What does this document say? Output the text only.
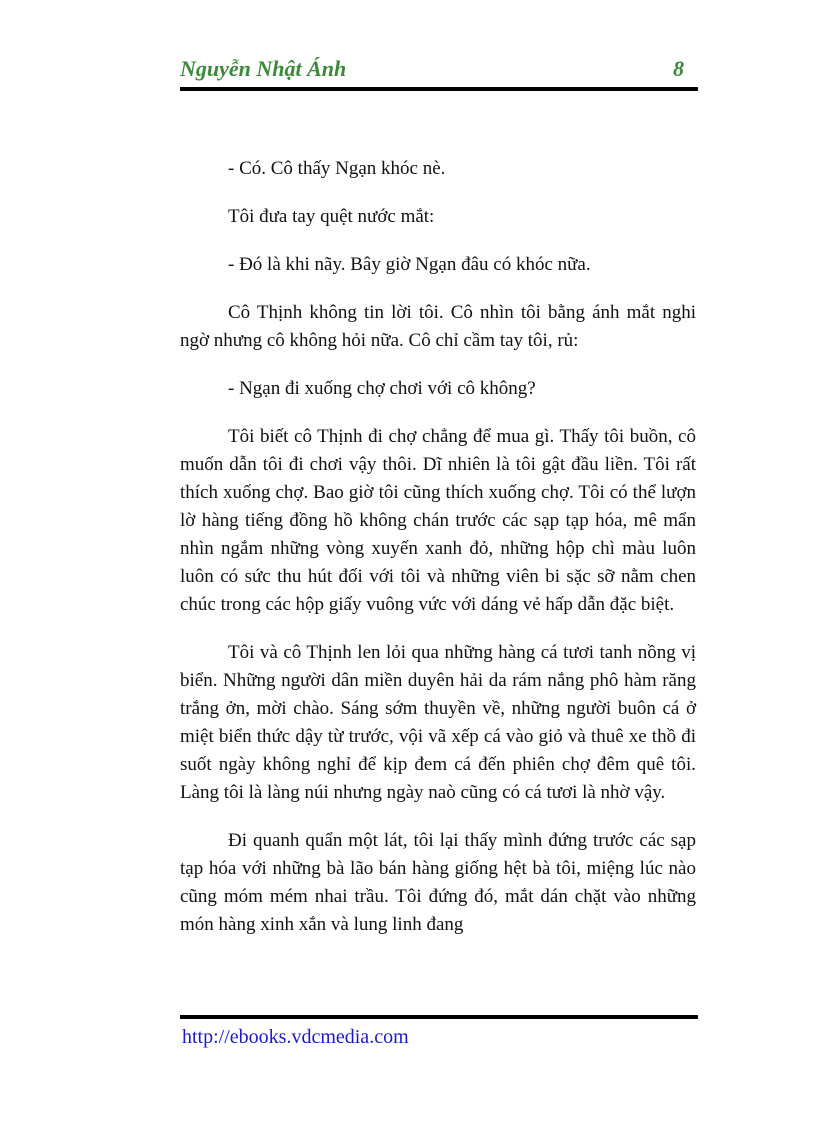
Nguyễn Nhật Ánh	8

- Có. Cô thấy Ngạn khóc nè.

Tôi đưa tay quệt nước mắt:

- Đó là khi nãy. Bây giờ Ngạn đâu có khóc nữa.

Cô Thịnh không tin lời tôi. Cô nhìn tôi bằng ánh mắt nghi ngờ nhưng cô không hỏi nữa. Cô chỉ cầm tay tôi, rủ:

- Ngạn đi xuống chợ chơi với cô không?

Tôi biết cô Thịnh đi chợ chẳng để mua gì. Thấy tôi buồn, cô muốn dẫn tôi đi chơi vậy thôi. Dĩ nhiên là tôi gật đầu liền. Tôi rất thích xuống chợ. Bao giờ tôi cũng thích xuống chợ. Tôi có thể lượn lờ hàng tiếng đồng hồ không chán trước các sạp tạp hóa, mê mẩn nhìn ngắm những vòng xuyến xanh đỏ, những hộp chì màu luôn luôn có sức thu hút đối với tôi và những viên bi sặc sỡ nằm chen chúc trong các hộp giấy vuông vức với dáng vẻ hấp dẫn đặc biệt.

Tôi và cô Thịnh len lỏi qua những hàng cá tươi tanh nồng vị biển. Những người dân miền duyên hải da rám nắng phô hàm răng trắng ởn, mời chào. Sáng sớm thuyền về, những người buôn cá ở miệt biển thức dậy từ trước, vội vã xếp cá vào giỏ và thuê xe thồ đi suốt ngày không nghỉ để kịp đem cá đến phiên chợ đêm quê tôi. Làng tôi là làng núi nhưng ngày naò cũng có cá tươi là nhờ vậy.

Đi quanh quẩn một lát, tôi lại thấy mình đứng trước các sạp tạp hóa với những bà lão bán hàng giống hệt bà tôi, miệng lúc nào cũng móm mém nhai trầu. Tôi đứng đó, mắt dán chặt vào những món hàng xinh xắn và lung linh đang

http://ebooks.vdcmedia.com
